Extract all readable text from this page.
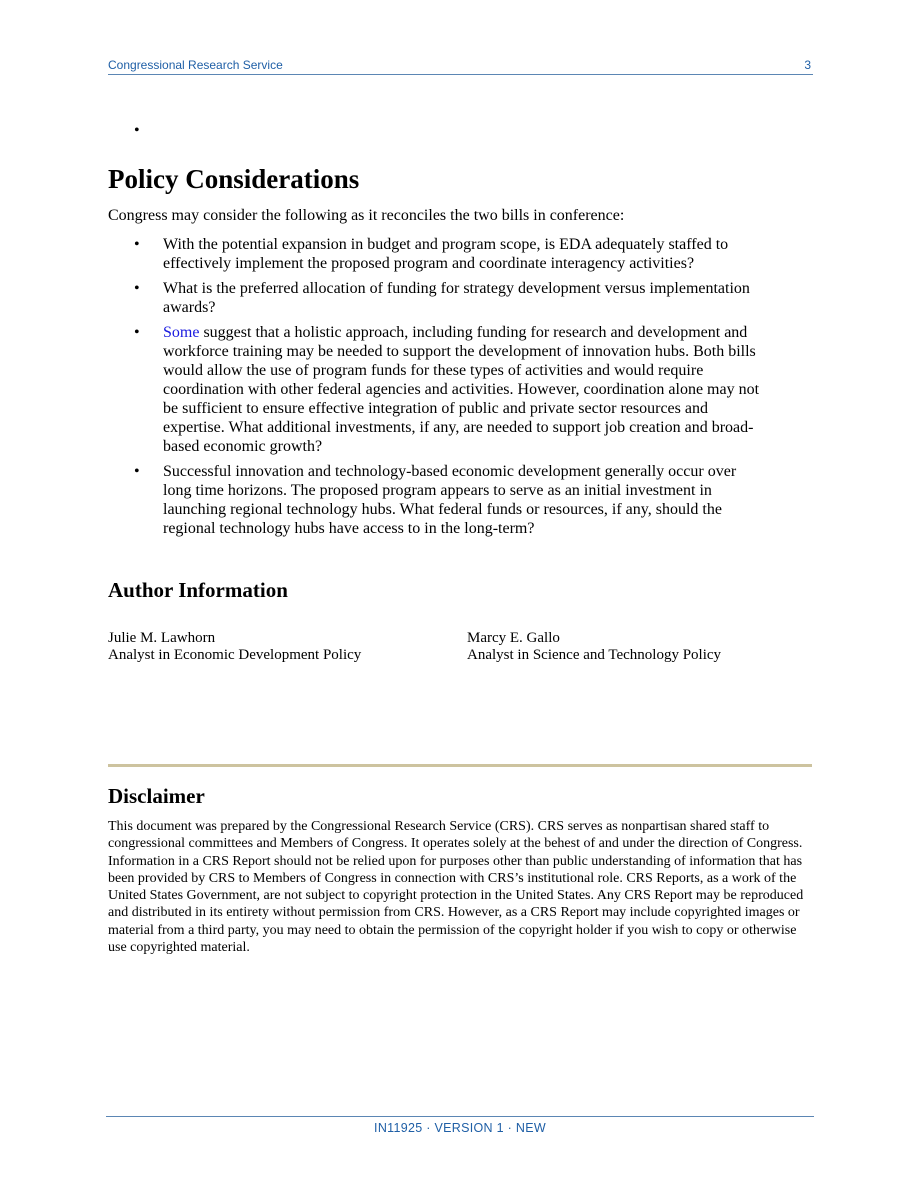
Congressional Research Service	3
•
Policy Considerations

Congress may consider the following as it reconciles the two bills in conference:

• With the potential expansion in budget and program scope, is EDA adequately staffed to effectively implement the proposed program and coordinate interagency activities?
• What is the preferred allocation of funding for strategy development versus implementation awards?
• Some suggest that a holistic approach, including funding for research and development and workforce training may be needed to support the development of innovation hubs. Both bills would allow the use of program funds for these types of activities and would require coordination with other federal agencies and activities. However, coordination alone may not be sufficient to ensure effective integration of public and private sector resources and expertise. What additional investments, if any, are needed to support job creation and broad-based economic growth?
• Successful innovation and technology-based economic development generally occur over long time horizons. The proposed program appears to serve as an initial investment in launching regional technology hubs. What federal funds or resources, if any, should the regional technology hubs have access to in the long-term?
Author Information
Julie M. Lawhorn
Analyst in Economic Development Policy
Marcy E. Gallo
Analyst in Science and Technology Policy
Disclaimer

This document was prepared by the Congressional Research Service (CRS). CRS serves as nonpartisan shared staff to congressional committees and Members of Congress. It operates solely at the behest of and under the direction of Congress. Information in a CRS Report should not be relied upon for purposes other than public understanding of information that has been provided by CRS to Members of Congress in connection with CRS’s institutional role. CRS Reports, as a work of the United States Government, are not subject to copyright protection in the United States. Any CRS Report may be reproduced and distributed in its entirety without permission from CRS. However, as a CRS Report may include copyrighted images or material from a third party, you may need to obtain the permission of the copyright holder if you wish to copy or otherwise use copyrighted material.

IN11925 · VERSION 1 · NEW
